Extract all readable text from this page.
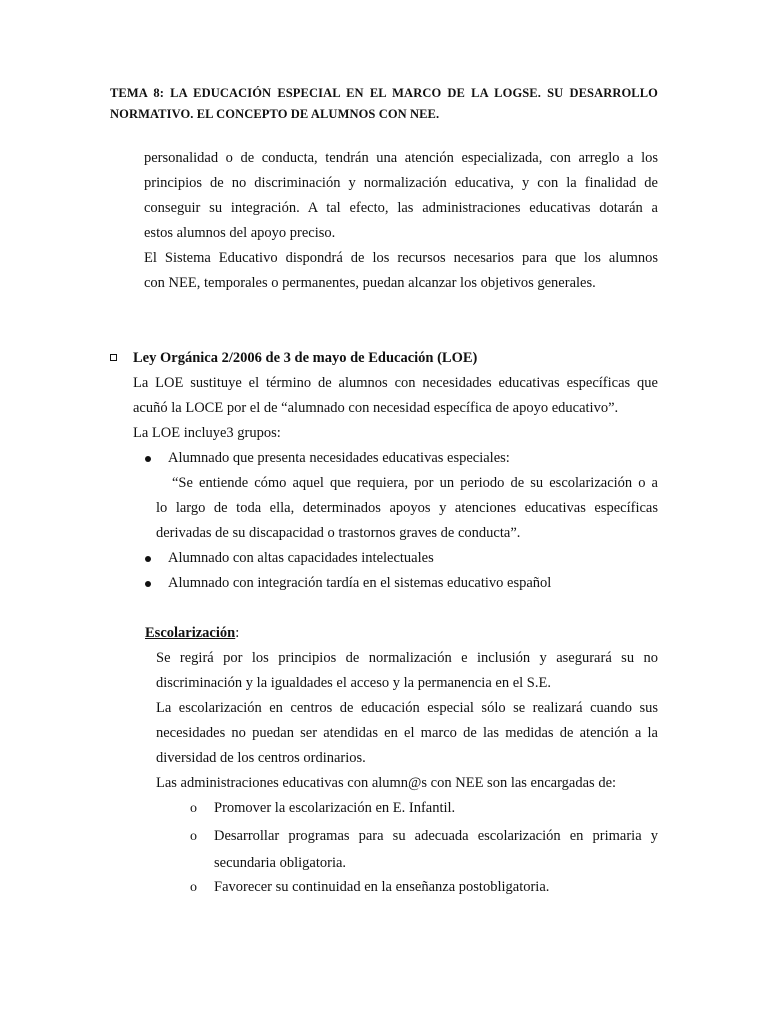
TEMA 8: LA EDUCACIÓN ESPECIAL EN EL MARCO DE LA LOGSE. SU DESARROLLO NORMATIVO. EL CONCEPTO DE ALUMNOS CON NEE.
personalidad o de conducta, tendrán una atención especializada, con arreglo a los
principios de no discriminación y normalización educativa, y con la finalidad de
conseguir su integración. A tal efecto, las administraciones educativas dotarán a
estos alumnos del apoyo preciso.
El Sistema Educativo dispondrá de los recursos necesarios para que los alumnos
con NEE, temporales o permanentes, puedan alcanzar los objetivos generales.
Ley Orgánica 2/2006 de 3 de mayo de Educación (LOE)
La LOE sustituye el término de alumnos con necesidades educativas específicas que
acuñó la LOCE por el de “alumnado con necesidad específica de apoyo educativo”.
La LOE incluye3 grupos:
Alumnado que presenta necesidades educativas especiales:
“Se entiende cómo aquel que requiera, por un periodo de su escolarización o a
lo largo de toda ella, determinados apoyos y atenciones educativas específicas
derivadas de su discapacidad o trastornos graves de conducta”.
Alumnado con altas capacidades intelectuales
Alumnado con integración tardía en el sistemas educativo español
Escolarización:
Se regirá por los principios de normalización e inclusión y asegurará su no
discriminación y la igualdades el acceso y la permanencia en el S.E.
La escolarización en centros de educación especial sólo se realizará cuando sus
necesidades no puedan ser atendidas en el marco de las medidas de atención a la
diversidad de los centros ordinarios.
Las administraciones educativas con alumn@s con NEE son las encargadas de:
o Promover la escolarización en E. Infantil.
o Desarrollar programas para su adecuada escolarización en primaria y
secundaria obligatoria.
o Favorecer su continuidad en la enseñanza postobligatoria.
